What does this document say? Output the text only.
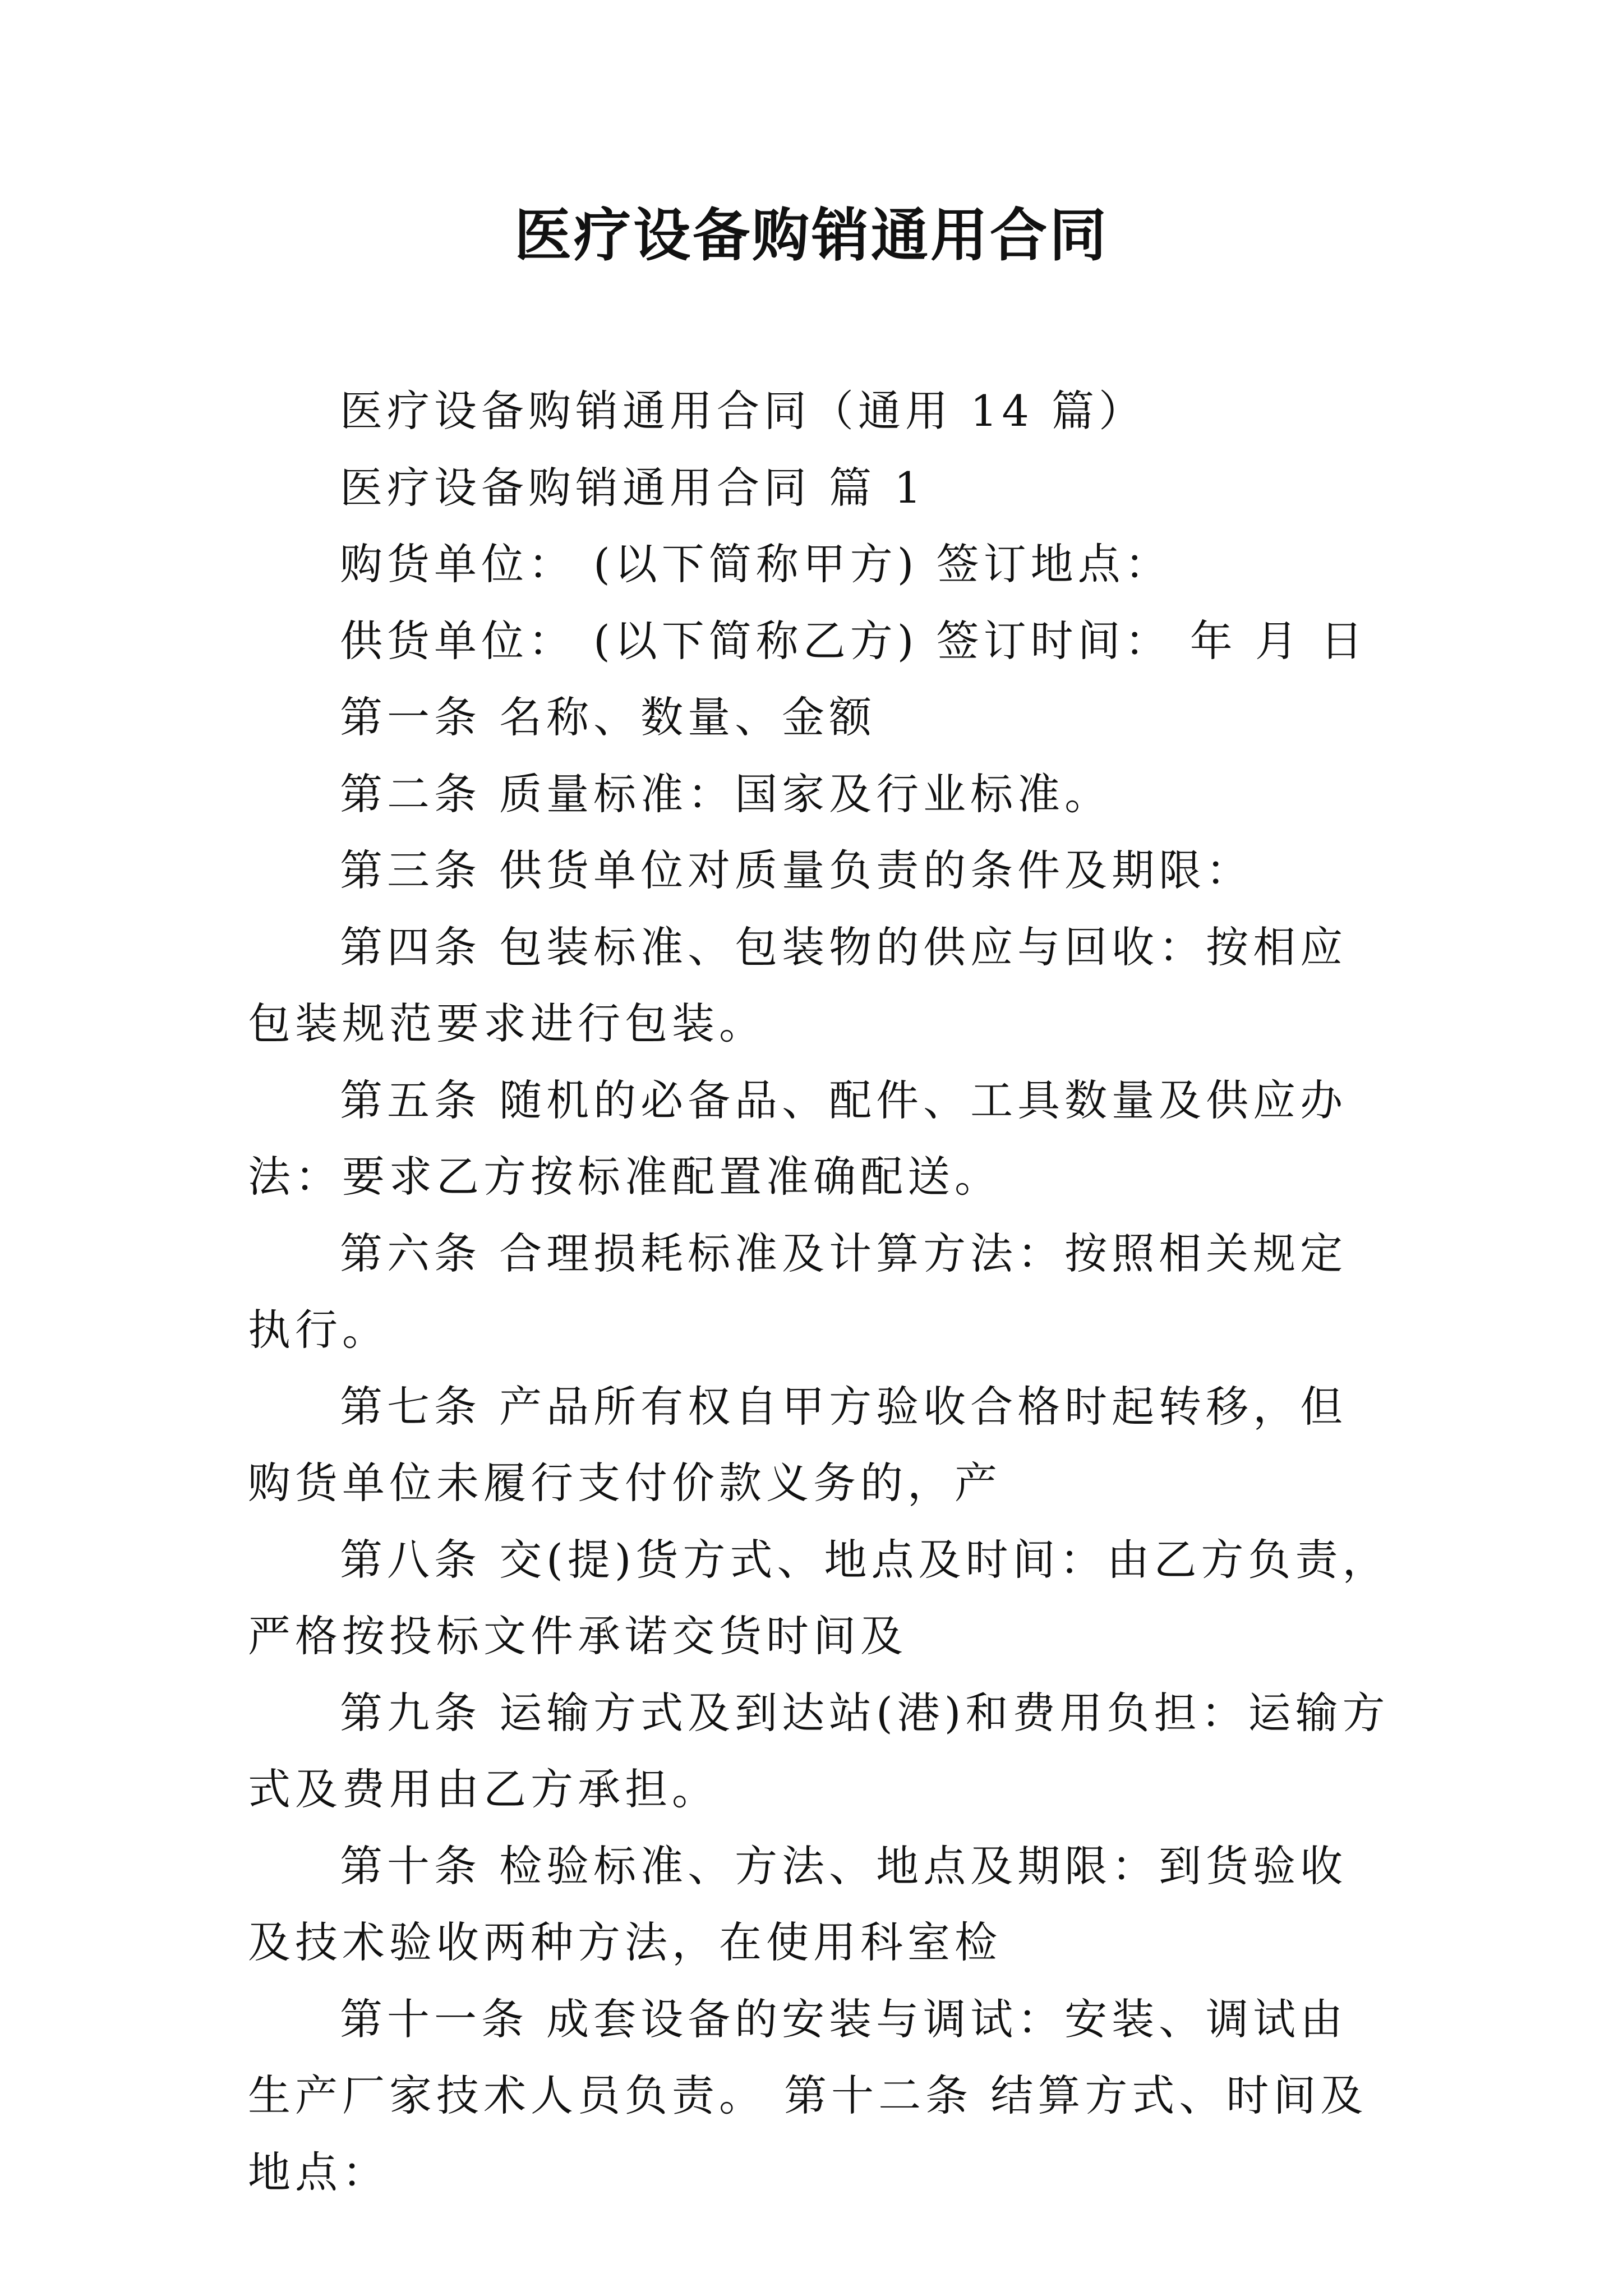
医疗设备购销通用合同

医疗设备购销通用合同（通用 14 篇）

医疗设备购销通用合同 篇 1

购货单位： (以下简称甲方) 签订地点：

供货单位： (以下简称乙方) 签订时间： 年 月 日

第一条 名称、数量、金额

第二条 质量标准：国家及行业标准。

第三条 供货单位对质量负责的条件及期限：

第四条 包装标准、包装物的供应与回收：按相应包装规范要求进行包装。

第五条 随机的必备品、配件、工具数量及供应办法：要求乙方按标准配置准确配送。

第六条 合理损耗标准及计算方法：按照相关规定执行。

第七条 产品所有权自甲方验收合格时起转移，但购货单位未履行支付价款义务的，产

第八条 交(提)货方式、地点及时间：由乙方负责，严格按投标文件承诺交货时间及

第九条 运输方式及到达站(港)和费用负担：运输方式及费用由乙方承担。

第十条 检验标准、方法、地点及期限：到货验收及技术验收两种方法，在使用科室检

第十一条 成套设备的安装与调试：安装、调试由生产厂家技术人员负责。 第十二条 结算方式、时间及地点：
